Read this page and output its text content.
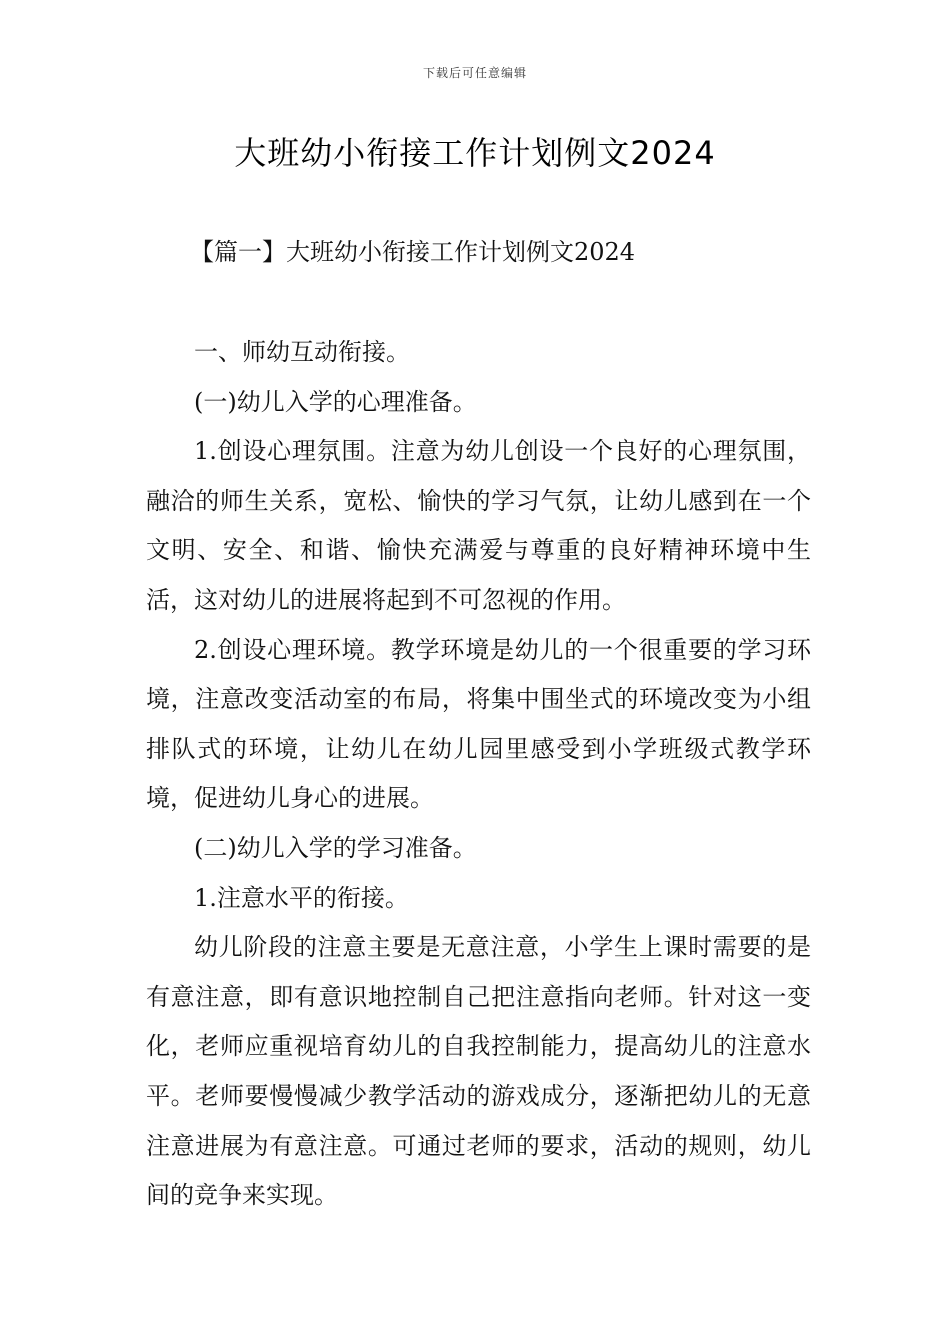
下载后可任意编辑
大班幼小衔接工作计划例文2024
【篇一】大班幼小衔接工作计划例文2024

一、师幼互动衔接。

(一)幼儿入学的心理准备。

1.创设心理氛围。注意为幼儿创设一个良好的心理氛围，融洽的师生关系，宽松、愉快的学习气氛，让幼儿感到在一个文明、安全、和谐、愉快充满爱与尊重的良好精神环境中生活，这对幼儿的进展将起到不可忽视的作用。

2.创设心理环境。教学环境是幼儿的一个很重要的学习环境，注意改变活动室的布局，将集中围坐式的环境改变为小组排队式的环境，让幼儿在幼儿园里感受到小学班级式教学环境，促进幼儿身心的进展。

(二)幼儿入学的学习准备。

1.注意水平的衔接。

幼儿阶段的注意主要是无意注意，小学生上课时需要的是有意注意，即有意识地控制自己把注意指向老师。针对这一变化，老师应重视培育幼儿的自我控制能力，提高幼儿的注意水平。老师要慢慢减少教学活动的游戏成分，逐渐把幼儿的无意注意进展为有意注意。可通过老师的要求，活动的规则，幼儿间的竞争来实现。
